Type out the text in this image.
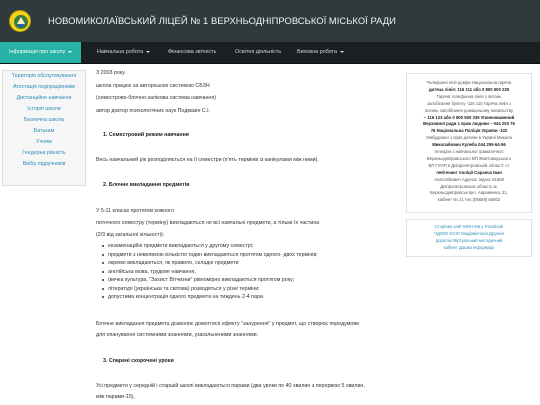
НОВОМИКОЛАЇВСЬКИЙ ЛІЦЕЙ № 1 ВЕРХНЬОДНІПРОВСЬКОЇ МІСЬКОЇ РАДИ
Інформація про школу	Навчальна робота	Фінансова звітність	Освітня діяльність	Виховна робота
Територія обслуговування
Атестація педпрацівників
Дистанційне навчання
Історія школи
Безпечна школа
Батькам
Учням
Гендерна рівність
Вибір підручників

З 2003 року

школа працює за авторською системою СБЗН

(семестрово-блочно-залікова система навчання)

автор доктор психологічних наук Подмазін С.І.

1. Семестровий режим навчання

Весь навчальний рік розподіляється на ІІ семестри (п'ять термінів із канікулами між ними).

2. Блочне викладання предметів

У 5-11 класах протягом кожного

поточного семестру (терміну) викладаються не всі навчальні предмети, а тільки їх частина

(2/3 від загальної кількості):

екзаменаційні предмети викладаються у другому семестрі;
предмети з невеликою кількістю годин викладаються протягом одного- двох термінів;
окремо викладаються, як правило, складні предмети
англійська мова, трудове навчання,
(вечка культура, "Захист Вітчизни" рівномірно викладаються протягом року;
літературі (українська та світова) розводяться у різні терміни;
допустима концентрація одного предмета на тиждень 2-4 пари.

Блочне викладання предмета дозволяє домогтися ефекту "занурення" у предмет, що створює передумови

для опанування системними знаннями, узагальненими знаннями.

3. Спарені скорочені уроки

Усі предмети у середній і старшій школі викладаються парами (два уроки по 40 хвилин з перервою 5 хвилин,

між парами-15).

Телефонні лінії довіри Національна гаряча
дитяча лінія: 116 111 або 0 800 500 225
Гаряча телефонна лінія з питань
запобігання булінгу -116 110 Гаряча лінія з
питань запобігання домашньому насильству
– 116 123 або 0 800 500 335 Уповноважений
Верховної ради з прав людини – 044 253 76
76 Національна Поліція України -102
Омбудсмен з прав дитини в Україні Микола
Миколайович Кулеба 044 255-64-56
телефон з навчальної граматичної:
Верхньодніпровського ВП Жовтоводського
ВП ГУНП в Дніпропетровській області: ст
лейтенант поліції Саранча Іван
Анатолійович Адреса: індекс 51600
Дніпропетровська область м.
Верхньодніпровськ вул. Авраменка, 21,
кабінет № 21 тел.(05658) 60602
Сторінки сайт МОН Ми у Facebook
ЧДІЗІО ЄСІО Медіавікторія Дружня
дорогою Віртуальний методичний
кабінет Дошки інформації
